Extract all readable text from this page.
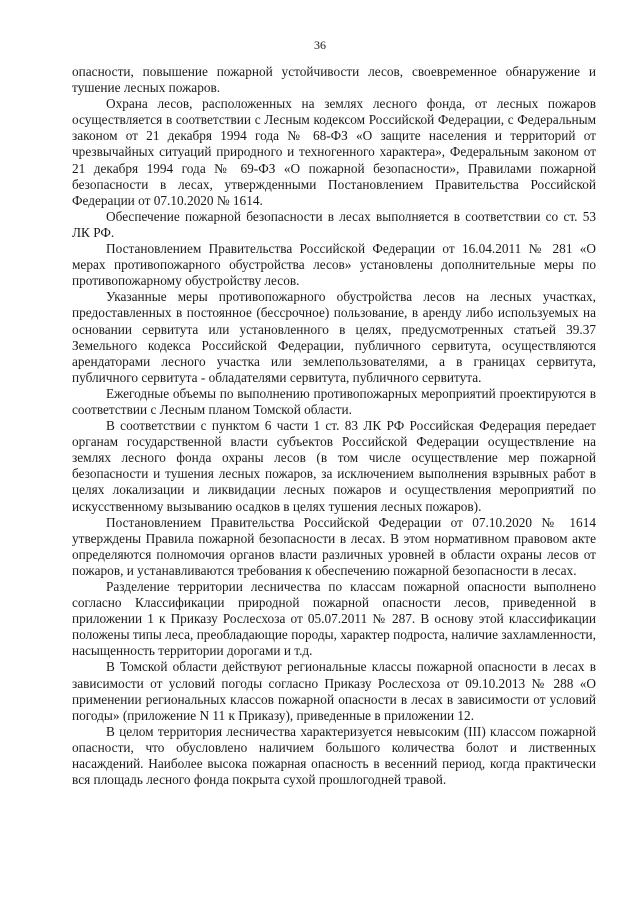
36

опасности, повышение пожарной устойчивости лесов, своевременное обнаружение и тушение лесных пожаров.

Охрана лесов, расположенных на землях лесного фонда, от лесных пожаров осуществляется в соответствии с Лесным кодексом Российской Федерации, с Федеральным законом от 21 декабря 1994 года № 68-ФЗ «О защите населения и территорий от чрезвычайных ситуаций природного и техногенного характера», Федеральным законом от 21 декабря 1994 года № 69-ФЗ «О пожарной безопасности», Правилами пожарной безопасности в лесах, утвержденными Постановлением Правительства Российской Федерации от 07.10.2020 № 1614.

Обеспечение пожарной безопасности в лесах выполняется в соответствии со ст. 53 ЛК РФ.

Постановлением Правительства Российской Федерации от 16.04.2011 № 281 «О мерах противопожарного обустройства лесов» установлены дополнительные меры по противопожарному обустройству лесов.

Указанные меры противопожарного обустройства лесов на лесных участках, предоставленных в постоянное (бессрочное) пользование, в аренду либо используемых на основании сервитута или установленного в целях, предусмотренных статьей 39.37 Земельного кодекса Российской Федерации, публичного сервитута, осуществляются арендаторами лесного участка или землепользователями, а в границах сервитута, публичного сервитута - обладателями сервитута, публичного сервитута.

Ежегодные объемы по выполнению противопожарных мероприятий проектируются в соответствии с Лесным планом Томской области.

В соответствии с пунктом 6 части 1 ст. 83 ЛК РФ Российская Федерация передает органам государственной власти субъектов Российской Федерации осуществление на землях лесного фонда охраны лесов (в том числе осуществление мер пожарной безопасности и тушения лесных пожаров, за исключением выполнения взрывных работ в целях локализации и ликвидации лесных пожаров и осуществления мероприятий по искусственному вызыванию осадков в целях тушения лесных пожаров).

Постановлением Правительства Российской Федерации от 07.10.2020 № 1614 утверждены Правила пожарной безопасности в лесах. В этом нормативном правовом акте определяются полномочия органов власти различных уровней в области охраны лесов от пожаров, и устанавливаются требования к обеспечению пожарной безопасности в лесах.

Разделение территории лесничества по классам пожарной опасности выполнено согласно Классификации природной пожарной опасности лесов, приведенной в приложении 1 к Приказу Рослесхоза от 05.07.2011 № 287. В основу этой классификации положены типы леса, преобладающие породы, характер подроста, наличие захламленности, насыщенность территории дорогами и т.д.

В Томской области действуют региональные классы пожарной опасности в лесах в зависимости от условий погоды согласно Приказу Рослесхоза от 09.10.2013 № 288 «О применении региональных классов пожарной опасности в лесах в зависимости от условий погоды» (приложение N 11 к Приказу), приведенные в приложении 12.

В целом территория лесничества характеризуется невысоким (III) классом пожарной опасности, что обусловлено наличием большого количества болот и лиственных насаждений. Наиболее высока пожарная опасность в весенний период, когда практически вся площадь лесного фонда покрыта сухой прошлогодней травой.
